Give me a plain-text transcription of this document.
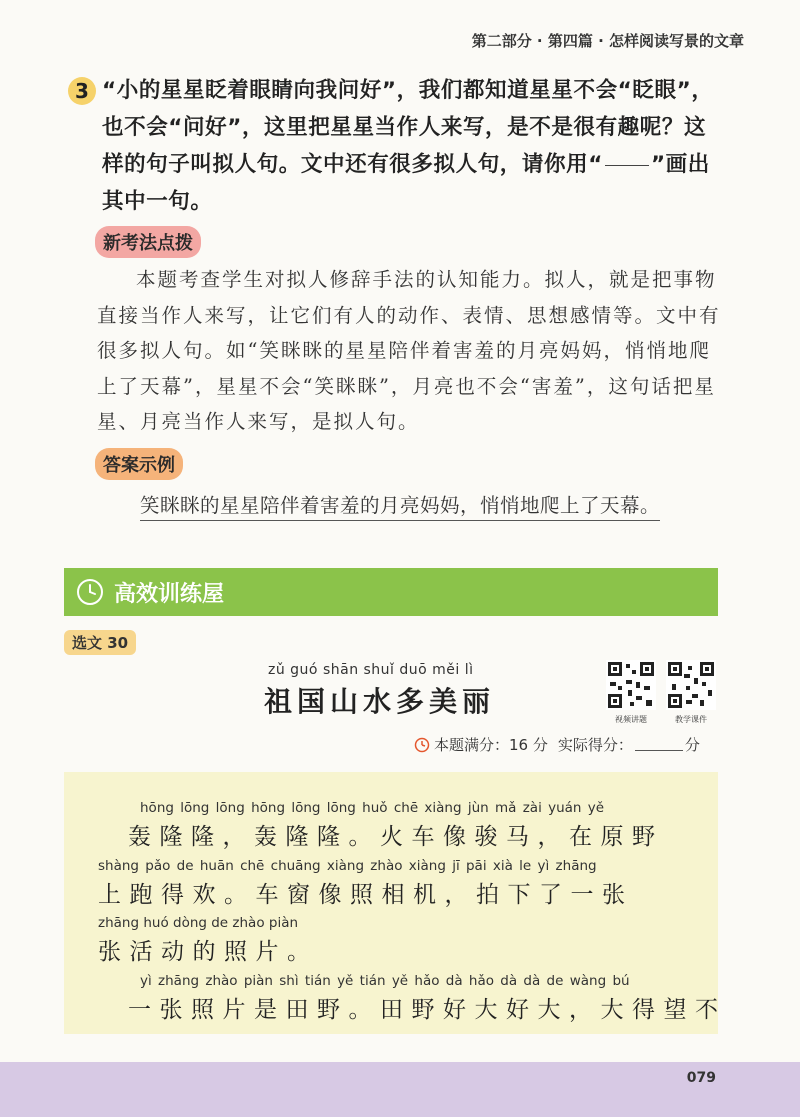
第二部分 · 第四篇 · 怎样阅读写景的文章
3 “小的星星眨着眼睛向我问好”，我们都知道星星不会“眨眼”，也不会“问好”，这里把星星当作人来写，是不是很有趣呢？这样的句子叫拟人句。文中还有很多拟人句，请你用“ ”画出其中一句。
新考法点拨
本题考查学生对拟人修辞手法的认知能力。拟人，就是把事物直接当作人来写，让它们有人的动作、表情、思想感情等。文中有很多拟人句。如“笑眯眯的星星陪伴着害羞的月亮妈妈，悄悄地爬上了天幕”，星星不会“笑眯眯”，月亮也不会“害羞”，这句话把星星、月亮当作人来写，是拟人句。
答案示例
笑眯眯的星星陪伴着害羞的月亮妈妈，悄悄地爬上了天幕。
高效训练屋
选文 30
zǔ guó shān shuǐ duō měi lì
祖国山水多美丽
视频讲题	教学课件
本题满分：16 分 实际得分：	分
hōng lōng lōng hōng lōng lōng huǒ chē xiàng jùn mǎ zài yuán yě
轰隆隆，轰隆隆。火车像骏马，在原野
shàng pǎo de huān chē chuāng xiàng zhào xiàng jī pāi xià le yì zhāng
上跑得欢。车窗像照相机，拍下了一张
zhāng huó dòng de zhào piàn
张活动的照片。
yì zhāng zhào piàn shì tián yě tián yě hǎo dà hǎo dà dà de wàng bú
一张照片是田野。田野好大好大，大得望不
079
